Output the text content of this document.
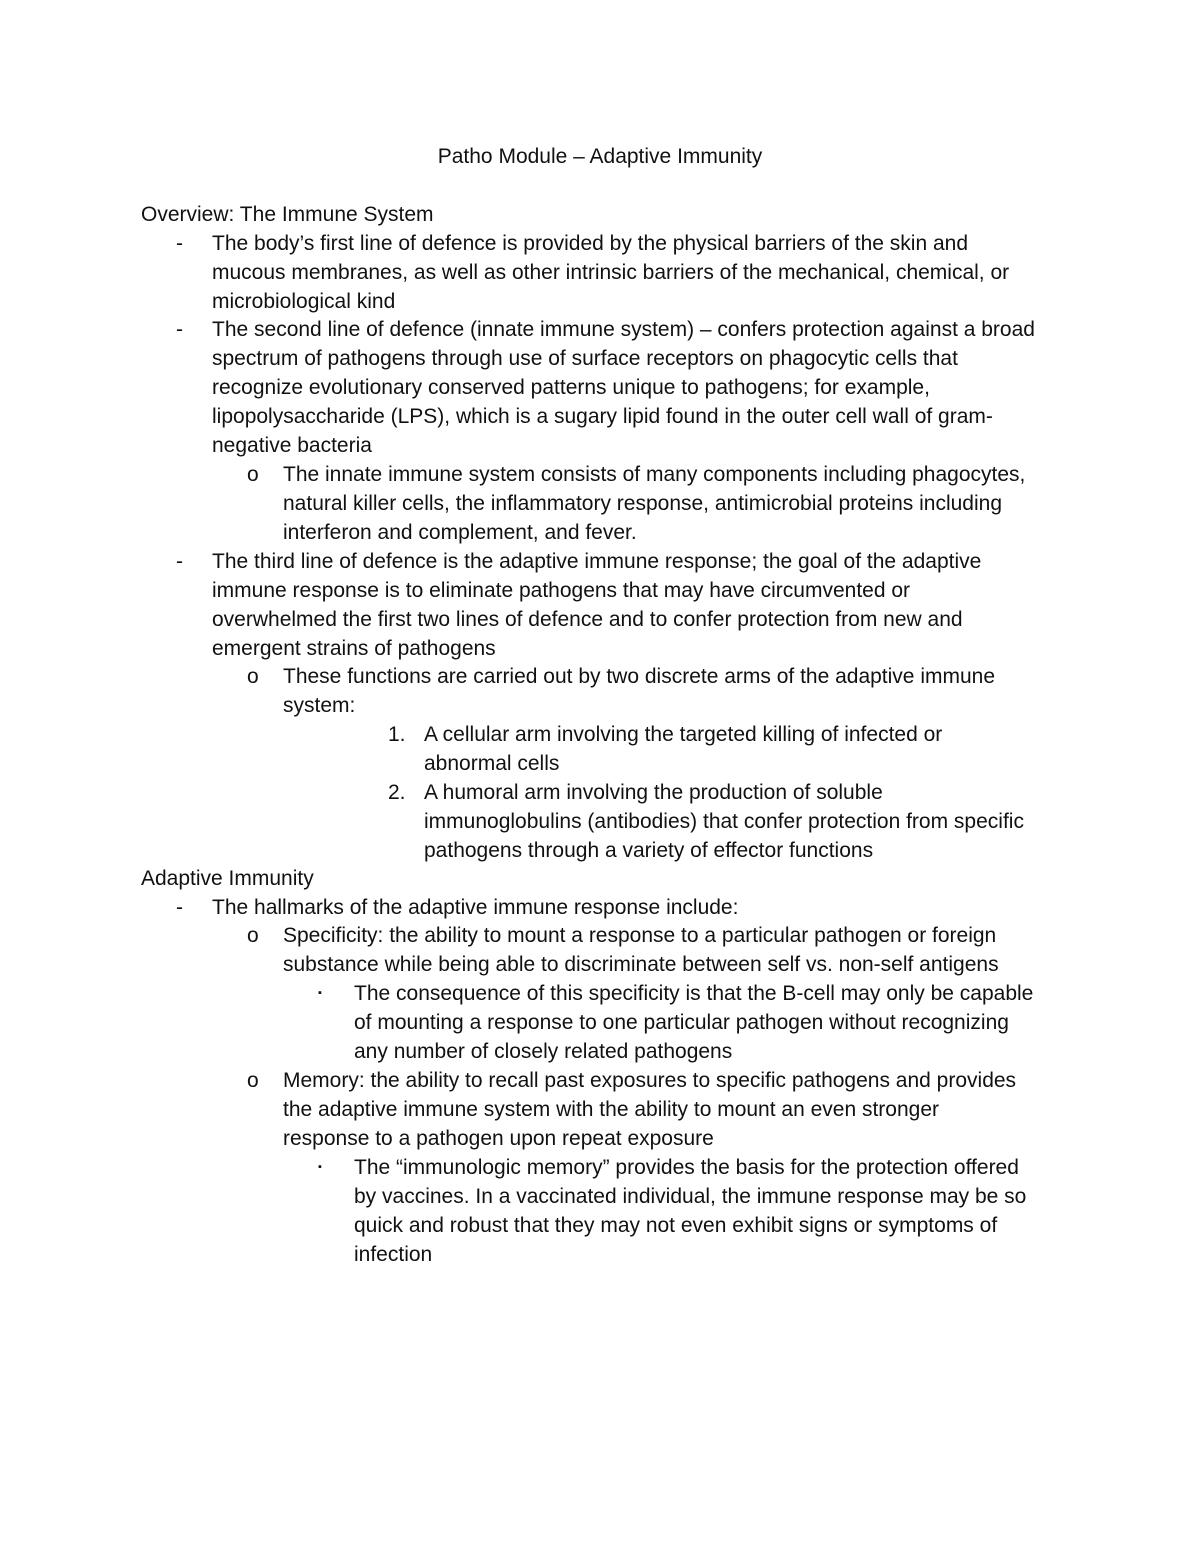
Patho Module – Adaptive Immunity
Overview: The Immune System
- The body’s first line of defence is provided by the physical barriers of the skin and
mucous membranes, as well as other intrinsic barriers of the mechanical, chemical, or
microbiological kind
- The second line of defence (innate immune system) – confers protection against a broad
spectrum of pathogens through use of surface receptors on phagocytic cells that
recognize evolutionary conserved patterns unique to pathogens; for example,
lipopolysaccharide (LPS), which is a sugary lipid found in the outer cell wall of gram-
negative bacteria
o The innate immune system consists of many components including phagocytes,
natural killer cells, the inflammatory response, antimicrobial proteins including
interferon and complement, and fever.
- The third line of defence is the adaptive immune response; the goal of the adaptive
immune response is to eliminate pathogens that may have circumvented or
overwhelmed the first two lines of defence and to confer protection from new and
emergent strains of pathogens
o These functions are carried out by two discrete arms of the adaptive immune
system:
1. A cellular arm involving the targeted killing of infected or
abnormal cells
2. A humoral arm involving the production of soluble
immunoglobulins (antibodies) that confer protection from specific
pathogens through a variety of effector functions
Adaptive Immunity
- The hallmarks of the adaptive immune response include:
o Specificity: the ability to mount a response to a particular pathogen or foreign
substance while being able to discriminate between self vs. non-self antigens
▪ The consequence of this specificity is that the B-cell may only be capable
of mounting a response to one particular pathogen without recognizing
any number of closely related pathogens
o Memory: the ability to recall past exposures to specific pathogens and provides
the adaptive immune system with the ability to mount an even stronger
response to a pathogen upon repeat exposure
▪ The “immunologic memory” provides the basis for the protection offered
by vaccines. In a vaccinated individual, the immune response may be so
quick and robust that they may not even exhibit signs or symptoms of
infection
